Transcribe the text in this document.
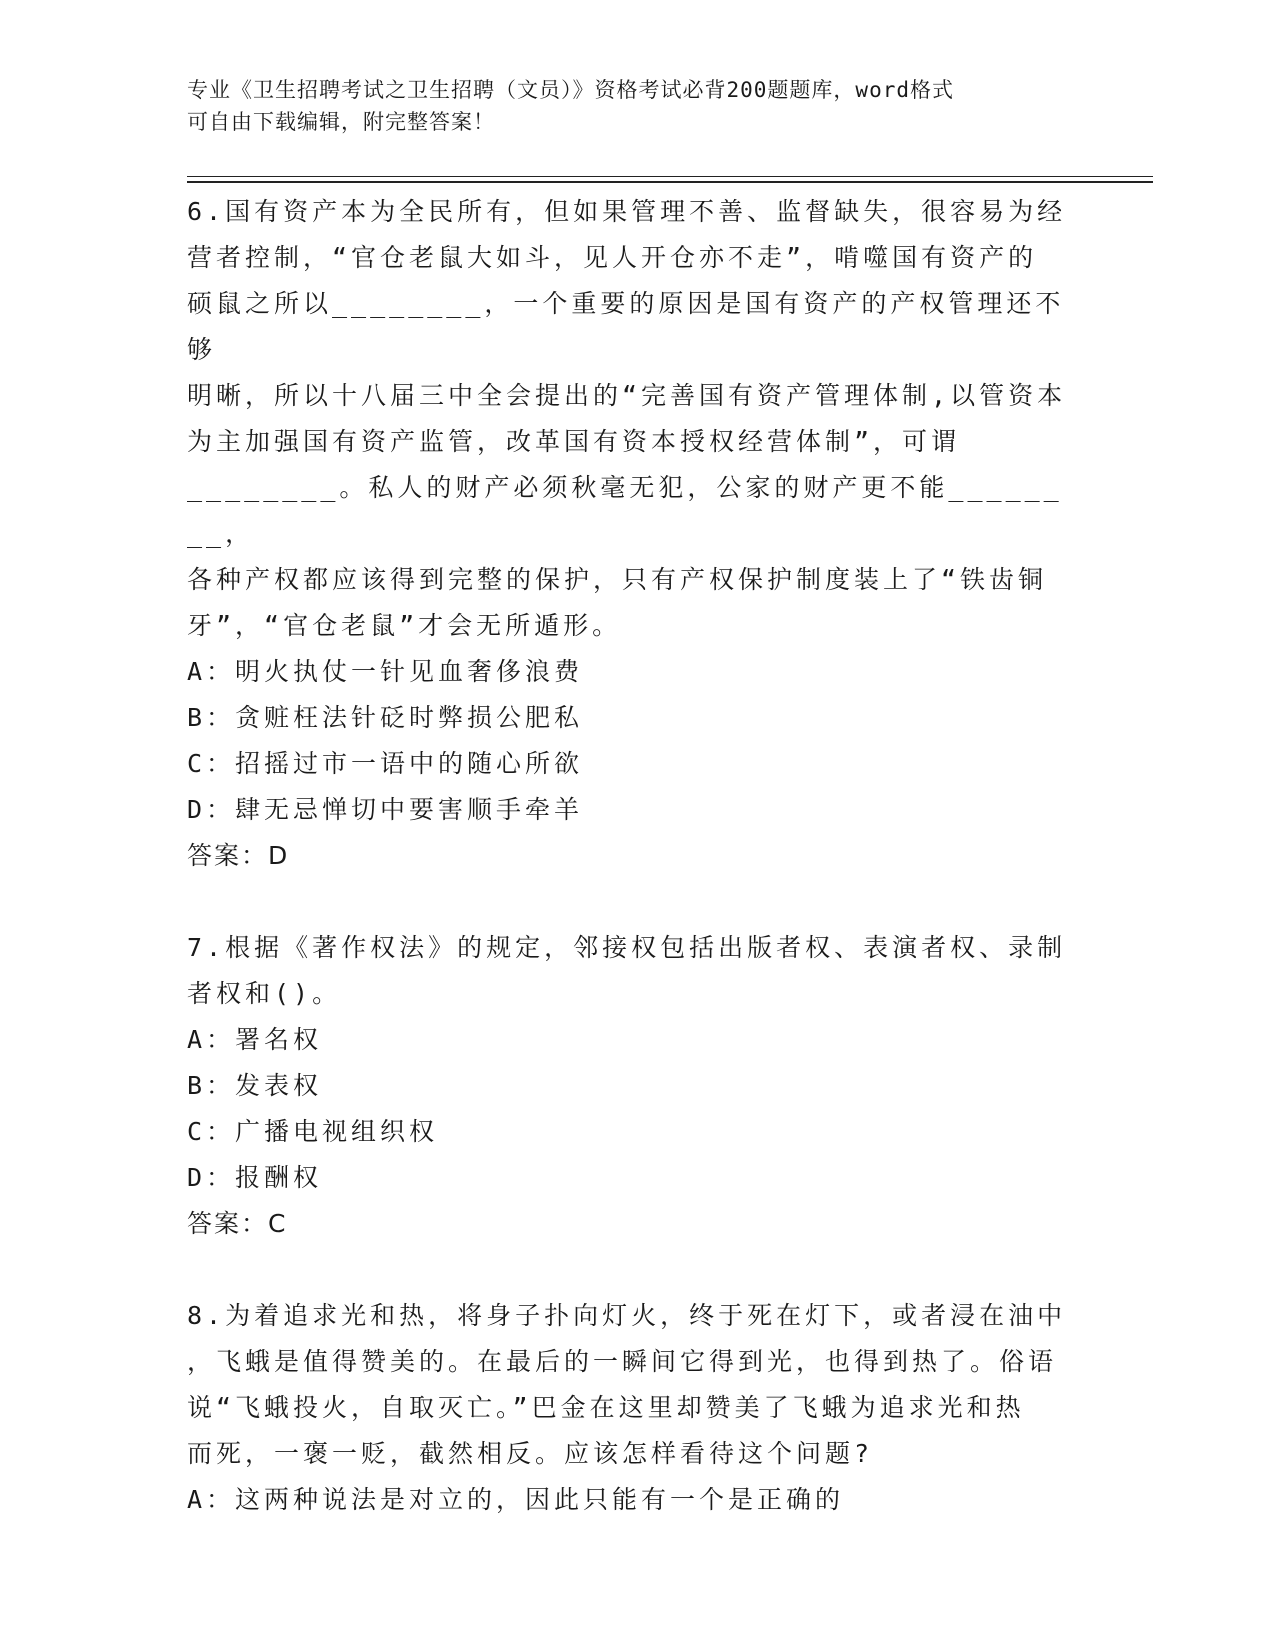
专业《卫生招聘考试之卫生招聘（文员）》资格考试必背200题题库，word格式
可自由下载编辑，附完整答案！
6.国有资产本为全民所有，但如果管理不善、监督缺失，很容易为经
营者控制，“官仓老鼠大如斗，见人开仓亦不走”，啃噬国有资产的
硕鼠之所以________，一个重要的原因是国有资产的产权管理还不够
明晰，所以十八届三中全会提出的“完善国有资产管理体制,以管资本
为主加强国有资产监管，改革国有资本授权经营体制”，可谓
________。私人的财产必须秋毫无犯，公家的财产更不能________，
各种产权都应该得到完整的保护，只有产权保护制度装上了“铁齿铜
牙”，“官仓老鼠”才会无所遁形。
A：明火执仗一针见血奢侈浪费
B：贪赃枉法针砭时弊损公肥私
C：招摇过市一语中的随心所欲
D：肆无忌惮切中要害顺手牵羊
答案：D
7.根据《著作权法》的规定，邻接权包括出版者权、表演者权、录制
者权和()。
A：署名权
B：发表权
C：广播电视组织权
D：报酬权
答案：C
8.为着追求光和热，将身子扑向灯火，终于死在灯下，或者浸在油中
，飞蛾是值得赞美的。在最后的一瞬间它得到光，也得到热了。俗语
说“飞蛾投火，自取灭亡。”巴金在这里却赞美了飞蛾为追求光和热
而死，一褒一贬，截然相反。应该怎样看待这个问题?
A：这两种说法是对立的，因此只能有一个是正确的
